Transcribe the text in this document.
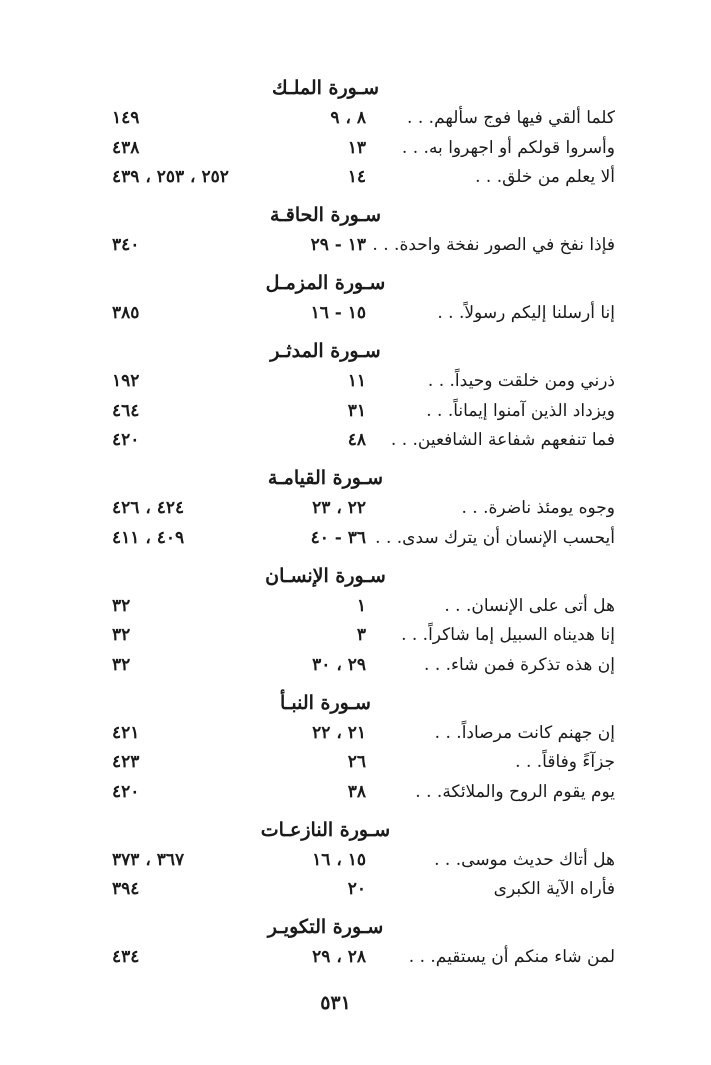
سـورة الملـك
كلما ألقي فيها فوج سألهم. . .
٨ ، ٩
١٤٩
وأسروا قولكم أو اجهروا به. . .
١٣
٤٣٨
ألا يعلم من خلق. . .
١٤
٢٥٢ ، ٢٥٣ ، ٤٣٩
سـورة الحاقـة
فإذا نفخ في الصور نفخة واحدة. . .
١٣ - ٢٩
٣٤٠
سـورة المزمـل
إنا أرسلنا إليكم رسولاً. . .
١٥ - ١٦
٣٨٥
سـورة المدثـر
ذرني ومن خلقت وحيداً. . .
١١
١٩٢
ويزداد الذين آمنوا إيماناً. . .
٣١
٤٦٤
فما تنفعهم شفاعة الشافعين. . .
٤٨
٤٢٠
سـورة القيامـة
وجوه يومئذ ناضرة. . .
٢٢ ، ٢٣
٤٢٤ ، ٤٢٦
أيحسب الإنسان أن يترك سدى. . .
٣٦ - ٤٠
٤٠٩ ، ٤١١
سـورة الإنسـان
هل أتى على الإنسان. . .
١
٣٢
إنا هديناه السبيل إما شاكراً. . .
٣
٣٢
إن هذه تذكرة فمن شاء. . .
٢٩ ، ٣٠
٣٢
سـورة النبـأ
إن جهنم كانت مرصاداً. . .
٢١ ، ٢٢
٤٢١
جزآءً وفاقاً. . .
٢٦
٤٢٣
يوم يقوم الروح والملائكة. . .
٣٨
٤٢٠
سـورة النازعـات
هل أتاك حديث موسى. . .
١٥ ، ١٦
٣٦٧ ، ٣٧٣
فأراه الآية الكبرى
٢٠
٣٩٤
سـورة التكويـر
لمن شاء منكم أن يستقيم. . .
٢٨ ، ٢٩
٤٣٤
٥٣١
